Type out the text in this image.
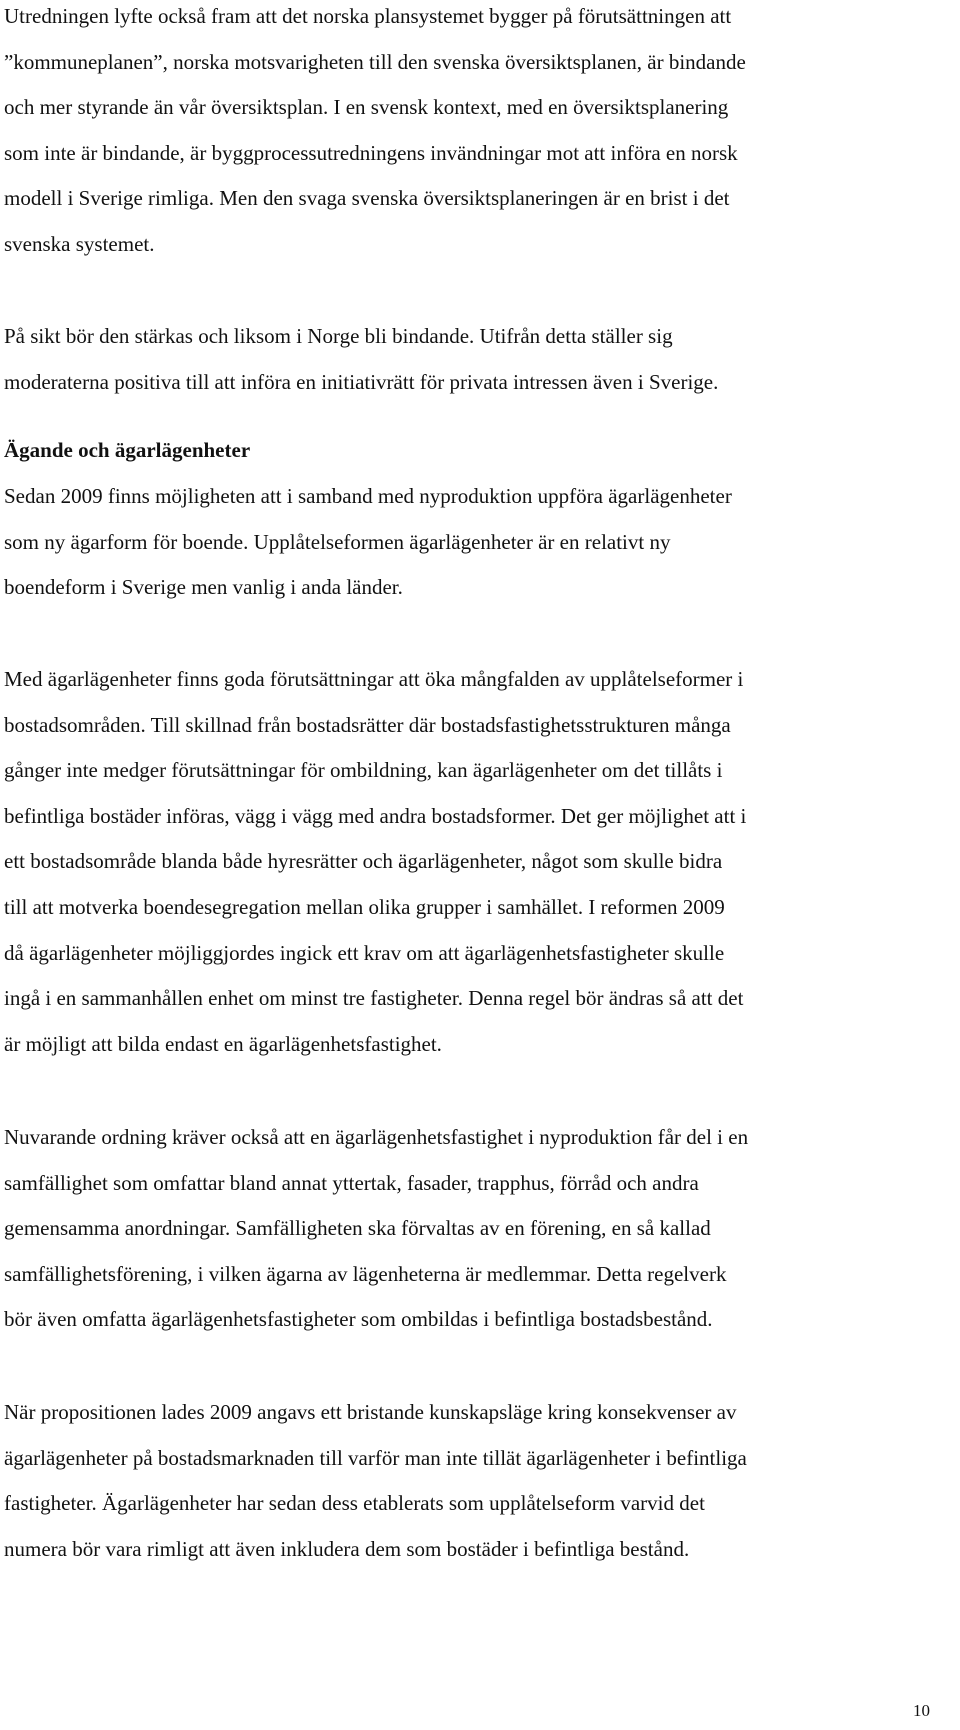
Utredningen lyfte också fram att det norska plansystemet bygger på förutsättningen att
”kommuneplanen”, norska motsvarigheten till den svenska översiktsplanen, är bindande
och mer styrande än vår översiktsplan. I en svensk kontext, med en översiktsplanering
som inte är bindande, är byggprocessutredningens invändningar mot att införa en norsk
modell i Sverige rimliga. Men den svaga svenska översiktsplaneringen är en brist i det
svenska systemet.

På sikt bör den stärkas och liksom i Norge bli bindande. Utifrån detta ställer sig
moderaterna positiva till att införa en initiativrätt för privata intressen även i Sverige.

Ägande och ägarlägenheter

Sedan 2009 finns möjligheten att i samband med nyproduktion uppföra ägarlägenheter
som ny ägarform för boende. Upplåtelseformen ägarlägenheter är en relativt ny
boendeform i Sverige men vanlig i anda länder.

Med ägarlägenheter finns goda förutsättningar att öka mångfalden av upplåtelseformer i
bostadsområden. Till skillnad från bostadsrätter där bostadsfastighetsstrukturen många
gånger inte medger förutsättningar för ombildning, kan ägarlägenheter om det tillåts i
befintliga bostäder införas, vägg i vägg med andra bostadsformer. Det ger möjlighet att i
ett bostadsområde blanda både hyresrätter och ägarlägenheter, något som skulle bidra
till att motverka boendesegregation mellan olika grupper i samhället. I reformen 2009
då ägarlägenheter möjliggjordes ingick ett krav om att ägarlägenhetsfastigheter skulle
ingå i en sammanhållen enhet om minst tre fastigheter. Denna regel bör ändras så att det
är möjligt att bilda endast en ägarlägenhetsfastighet.

Nuvarande ordning kräver också att en ägarlägenhetsfastighet i nyproduktion får del i en
samfällighet som omfattar bland annat yttertak, fasader, trapphus, förråd och andra
gemensamma anordningar. Samfälligheten ska förvaltas av en förening, en så kallad
samfällighetsförening, i vilken ägarna av lägenheterna är medlemmar. Detta regelverk
bör även omfatta ägarlägenhetsfastigheter som ombildas i befintliga bostadsbestånd.

När propositionen lades 2009 angavs ett bristande kunskapsläge kring konsekvenser av
ägarlägenheter på bostadsmarknaden till varför man inte tillät ägarlägenheter i befintliga
fastigheter. Ägarlägenheter har sedan dess etablerats som upplåtelseform varvid det
numera bör vara rimligt att även inkludera dem som bostäder i befintliga bestånd.

10
